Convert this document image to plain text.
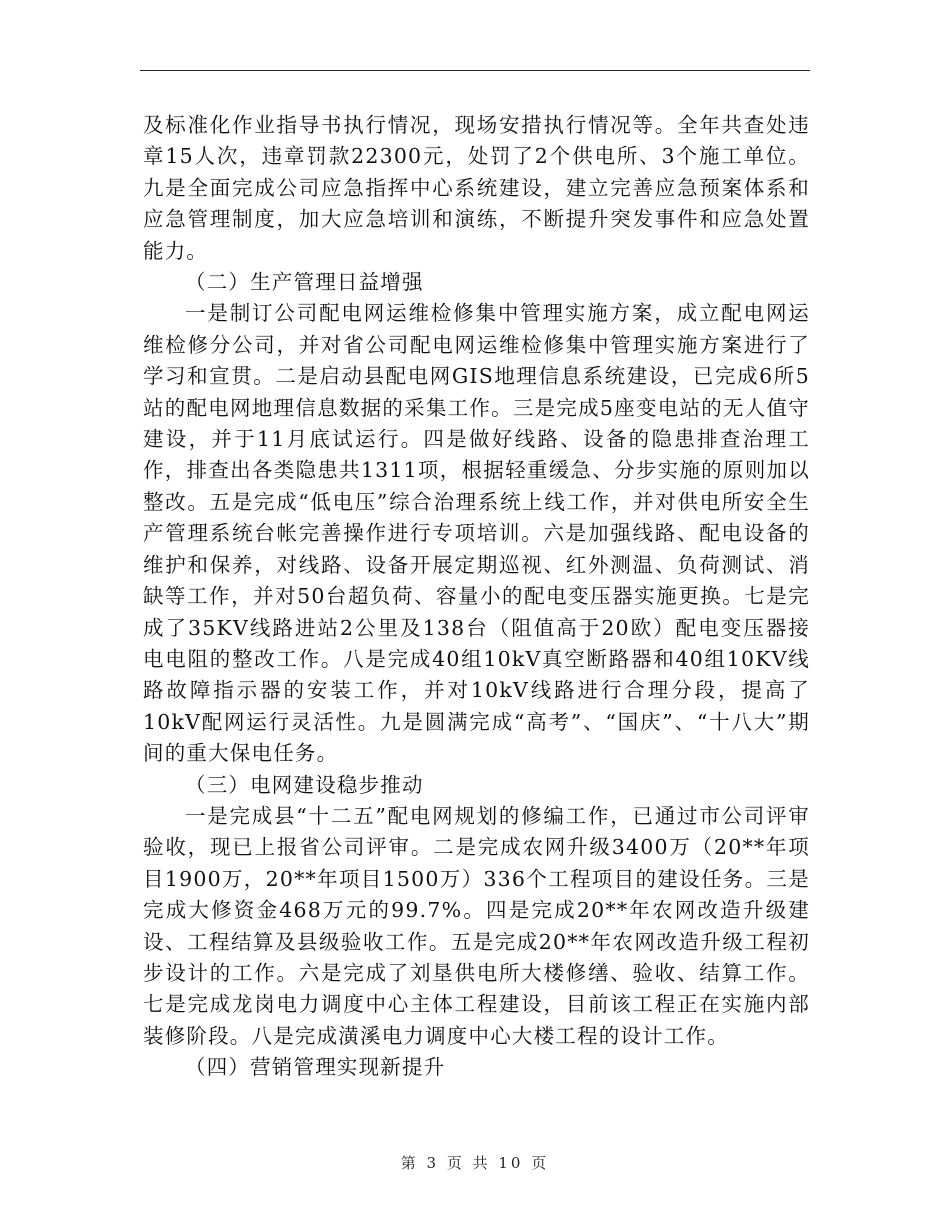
及标准化作业指导书执行情况，现场安措执行情况等。全年共查处违章15人次，违章罚款22300元，处罚了2个供电所、3个施工单位。九是全面完成公司应急指挥中心系统建设，建立完善应急预案体系和应急管理制度，加大应急培训和演练，不断提升突发事件和应急处置能力。

（二）生产管理日益增强

一是制订公司配电网运维检修集中管理实施方案，成立配电网运维检修分公司，并对省公司配电网运维检修集中管理实施方案进行了学习和宣贯。二是启动县配电网GIS地理信息系统建设，已完成6所5站的配电网地理信息数据的采集工作。三是完成5座变电站的无人值守建设，并于11月底试运行。四是做好线路、设备的隐患排查治理工作，排查出各类隐患共1311项，根据轻重缓急、分步实施的原则加以整改。五是完成“低电压”综合治理系统上线工作，并对供电所安全生产管理系统台帐完善操作进行专项培训。六是加强线路、配电设备的维护和保养，对线路、设备开展定期巡视、红外测温、负荷测试、消缺等工作，并对50台超负荷、容量小的配电变压器实施更换。七是完成了35KV线路进站2公里及138台（阻值高于20欧）配电变压器接电电阻的整改工作。八是完成40组10kV真空断路器和40组10KV线路故障指示器的安装工作，并对10kV线路进行合理分段，提高了10kV配网运行灵活性。九是圆满完成“高考”、“国庆”、“十八大”期间的重大保电任务。

（三）电网建设稳步推动

一是完成县“十二五”配电网规划的修编工作，已通过市公司评审验收，现已上报省公司评审。二是完成农网升级3400万（20**年项目1900万，20**年项目1500万）336个工程项目的建设任务。三是完成大修资金468万元的99.7%。四是完成20**年农网改造升级建设、工程结算及县级验收工作。五是完成20**年农网改造升级工程初步设计的工作。六是完成了刘垦供电所大楼修缮、验收、结算工作。七是完成龙岗电力调度中心主体工程建设，目前该工程正在实施内部装修阶段。八是完成潢溪电力调度中心大楼工程的设计工作。

（四）营销管理实现新提升

第 3 页 共 10 页
